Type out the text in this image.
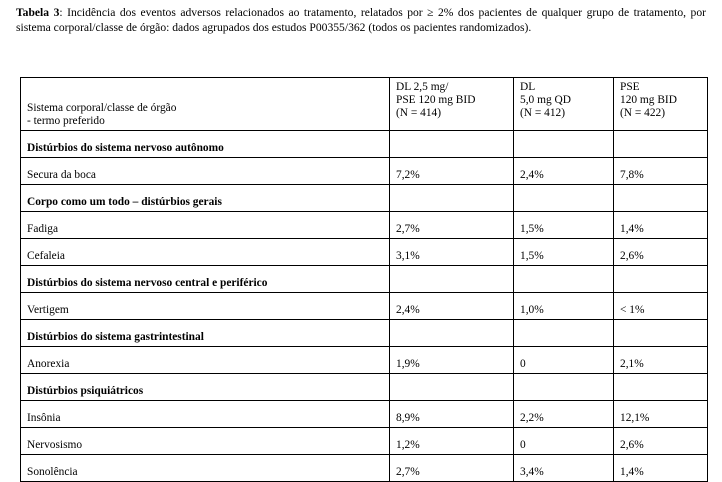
Tabela 3: Incidência dos eventos adversos relacionados ao tratamento, relatados por ≥ 2% dos pacientes de qualquer grupo de tratamento, por sistema corporal/classe de órgão: dados agrupados dos estudos P00355/362 (todos os pacientes randomizados).
Sistema corporal/classe de órgão
- termo preferido	DL 2,5 mg/
PSE 120 mg BID
(N = 414)	DL
5,0 mg QD
(N = 412)	PSE
120 mg BID
(N = 422)

Distúrbios do sistema nervoso autônomo			
Secura da boca	7,2%	2,4%	7,8%
Corpo como um todo – distúrbios gerais			
Fadiga	2,7%	1,5%	1,4%
Cefaleia	3,1%	1,5%	2,6%
Distúrbios do sistema nervoso central e periférico			
Vertigem	2,4%	1,0%	< 1%
Distúrbios do sistema gastrintestinal			
Anorexia	1,9%	0	2,1%
Distúrbios psiquiátricos			
Insônia	8,9%	2,2%	12,1%
Nervosismo	1,2%	0	2,6%
Sonolência	2,7%	3,4%	1,4%
